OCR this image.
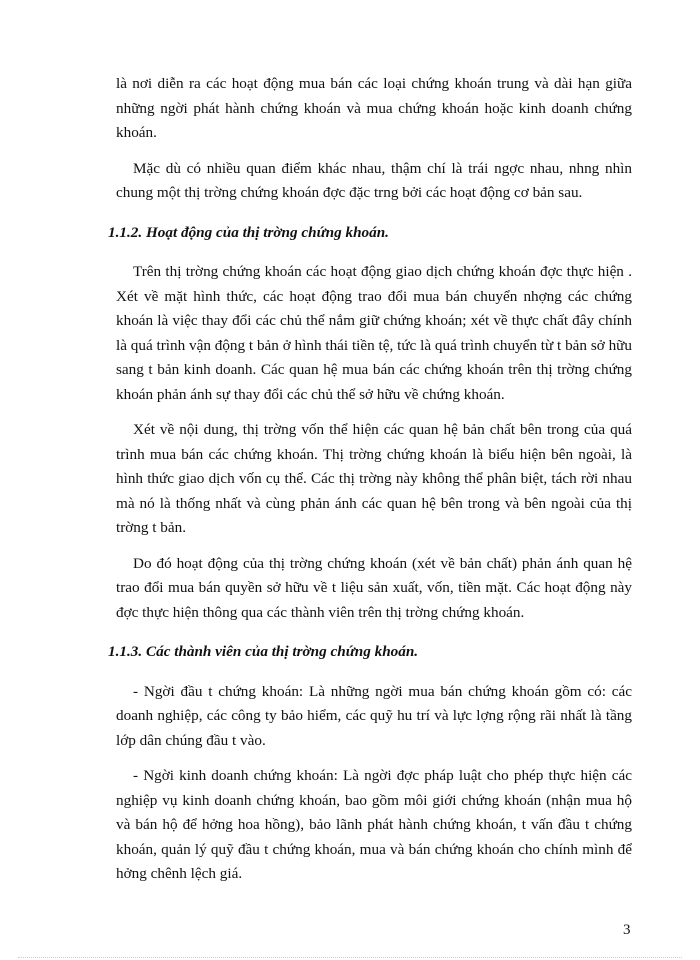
là nơi diễn ra các hoạt động mua bán các loại chứng khoán trung và dài hạn giữa những ngời phát hành chứng khoán và mua chứng khoán hoặc kinh doanh chứng khoán.

Mặc dù có nhiều quan điểm khác nhau, thậm chí là trái ngợc nhau, nhng nhìn chung một thị trờng chứng khoán đợc đặc trng bởi các hoạt động cơ bản sau.

1.1.2. Hoạt động của thị trờng chứng khoán.

Trên thị trờng chứng khoán các hoạt động giao dịch chứng khoán đợc thực hiện . Xét về mặt hình thức, các hoạt động trao đổi mua bán chuyển nhợng các chứng khoán là việc thay đổi các chủ thể nắm giữ chứng khoán; xét về thực chất đây chính là quá trình vận động t bản ở hình thái tiền tệ, tức là quá trình chuyển từ t bản sở hữu sang t bản kinh doanh. Các quan hệ mua bán các chứng khoán trên thị trờng chứng khoán phản ánh sự thay đổi các chủ thể sở hữu về chứng khoán.

Xét về nội dung, thị trờng vốn thể hiện các quan hệ bản chất bên trong của quá trình mua bán các chứng khoán. Thị trờng chứng khoán là biểu hiện bên ngoài, là hình thức giao dịch vốn cụ thể. Các thị trờng này không thể phân biệt, tách rời nhau mà nó là thống nhất và cùng phản ánh các quan hệ bên trong và bên ngoài của thị trờng t bản.

Do đó hoạt động của thị trờng chứng khoán (xét về bản chất) phản ánh quan hệ trao đổi mua bán quyền sở hữu về t liệu sản xuất, vốn, tiền mặt. Các hoạt động này đợc thực hiện thông qua các thành viên trên thị trờng chứng khoán.

1.1.3. Các thành viên của thị trờng chứng khoán.

- Ngời đầu t chứng khoán: Là những ngời mua bán chứng khoán gồm có: các doanh nghiệp, các công ty bảo hiểm, các quỹ hu trí và lực lợng rộng rãi nhất là tầng lớp dân chúng đầu t vào.

- Ngời kinh doanh chứng khoán: Là ngời đợc pháp luật cho phép thực hiện các nghiệp vụ kinh doanh chứng khoán, bao gồm môi giới chứng khoán (nhận mua hộ và bán hộ để hởng hoa hồng), bảo lãnh phát hành chứng khoán, t vấn đầu t chứng khoán, quản lý quỹ đầu t chứng khoán, mua và bán chứng khoán cho chính mình để hởng chênh lệch giá.

3
